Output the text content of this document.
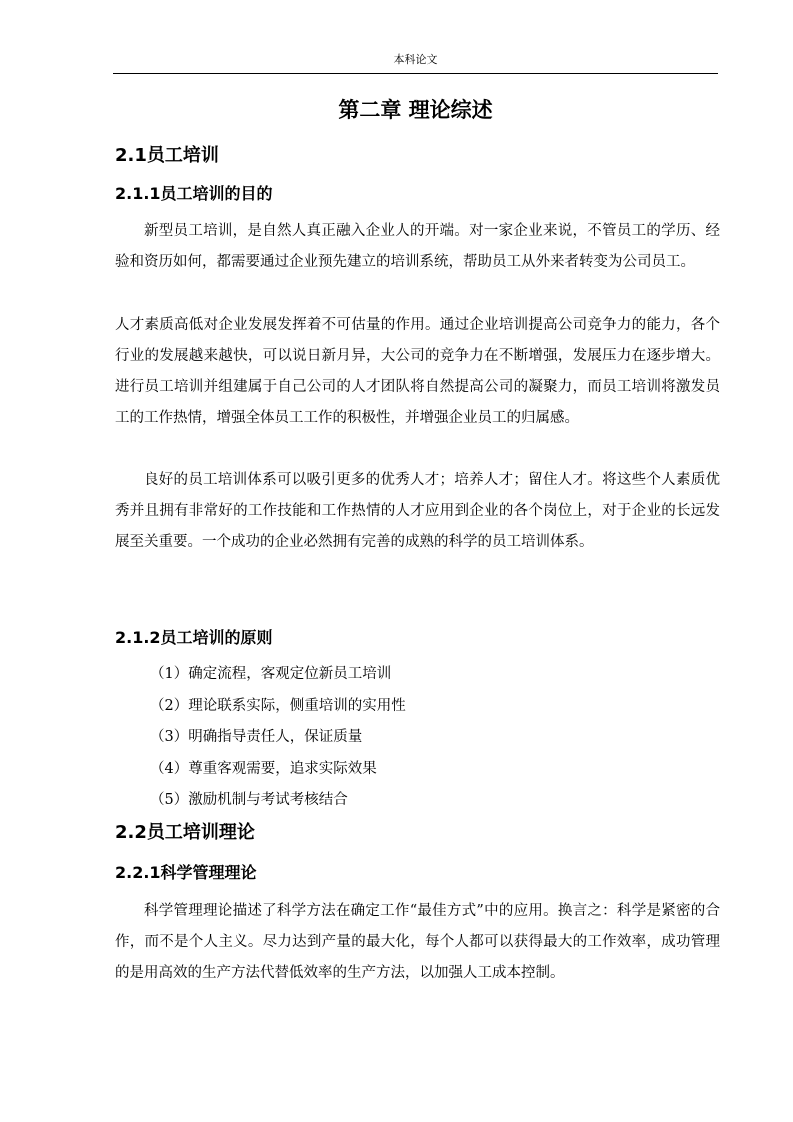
本科论文
第二章 理论综述
2.1员工培训
2.1.1员工培训的目的

新型员工培训，是自然人真正融入企业人的开端。对一家企业来说，不管员工的学历、经验和资历如何，都需要通过企业预先建立的培训系统，帮助员工从外来者转变为公司员工。

人才素质高低对企业发展发挥着不可估量的作用。通过企业培训提高公司竞争力的能力，各个行业的发展越来越快，可以说日新月异，大公司的竞争力在不断增强，发展压力在逐步增大。 进行员工培训并组建属于自己公司的人才团队将自然提高公司的凝聚力，而员工培训将激发员工的工作热情，增强全体员工工作的积极性，并增强企业员工的归属感。

良好的员工培训体系可以吸引更多的优秀人才；培养人才；留住人才。将这些个人素质优秀并且拥有非常好的工作技能和工作热情的人才应用到企业的各个岗位上，对于企业的长远发展至关重要。一个成功的企业必然拥有完善的成熟的科学的员工培训体系。

2.1.2员工培训的原则
（1）确定流程，客观定位新员工培训
（2）理论联系实际，侧重培训的实用性
（3）明确指导责任人，保证质量
（4）尊重客观需要，追求实际效果
（5）激励机制与考试考核结合
2.2员工培训理论
2.2.1科学管理理论

科学管理理论描述了科学方法在确定工作“最佳方式”中的应用。换言之：科学是紧密的合作，而不是个人主义。尽力达到产量的最大化，每个人都可以获得最大的工作效率，成功管理的是用高效的生产方法代替低效率的生产方法，以加强人工成本控制。
